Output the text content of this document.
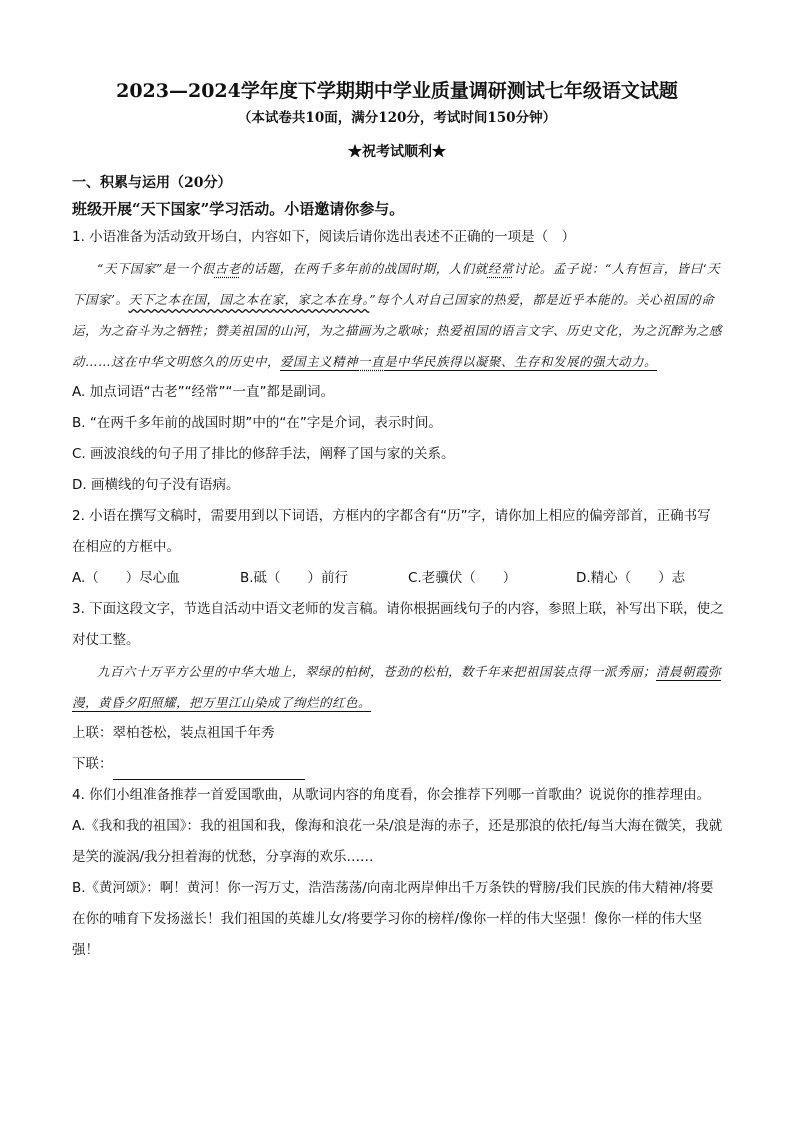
2023—2024学年度下学期期中学业质量调研测试七年级语文试题
（本试卷共10面，满分120分，考试时间150分钟）
★祝考试顺利★
一、积累与运用（20分）
班级开展“天下国家”学习活动。小语邀请你参与。

1. 小语准备为活动致开场白，内容如下，阅读后请你选出表述不正确的一项是（　）

“天下国家”是一个很古老的话题，在两千多年前的战国时期，人们就经常讨论。孟子说：“人有恒言，皆曰‘天下国家’。天下之本在国，国之本在家，家之本在身。”每个人对自己国家的热爱，都是近乎本能的。关心祖国的命运，为之奋斗为之牺牲；赞美祖国的山河，为之描画为之歌咏；热爱祖国的语言文字、历史文化，为之沉醉为之感动……这在中华文明悠久的历史中，爱国主义精神一直是中华民族得以凝聚、生存和发展的强大动力。

A. 加点词语“古老”“经常”“一直”都是副词。

B. “在两千多年前的战国时期”中的“在”字是介词，表示时间。

C. 画波浪线的句子用了排比的修辞手法，阐释了国与家的关系。

D. 画横线的句子没有语病。

2. 小语在撰写文稿时，需要用到以下词语，方框内的字都含有“历”字，请你加上相应的偏旁部首，正确书写在相应的方框中。

A.（　　）尽心血	B.砥（　　）前行	C.老骥伏（　　）	D.精心（　　）志

3. 下面这段文字，节选自活动中语文老师的发言稿。请你根据画线句子的内容，参照上联，补写出下联，使之对仗工整。

九百六十万平方公里的中华大地上，翠绿的柏树，苍劲的松柏，数千年来把祖国装点得一派秀丽；清晨朝霞弥漫，黄昏夕阳照耀，把万里江山染成了绚烂的红色。

上联：翠柏苍松，装点祖国千年秀

下联：

4. 你们小组准备推荐一首爱国歌曲，从歌词内容的角度看，你会推荐下列哪一首歌曲？说说你的推荐理由。

A.《我和我的祖国》：我的祖国和我，像海和浪花一朵/浪是海的赤子，还是那浪的依托/每当大海在微笑，我就是笑的漩涡/我分担着海的忧愁，分享海的欢乐……

B.《黄河颂》：啊！黄河！你一泻万丈，浩浩荡荡/向南北两岸伸出千万条铁的臂膀/我们民族的伟大精神/将要在你的哺育下发扬滋长！我们祖国的英雄儿女/将要学习你的榜样/像你一样的伟大坚强！像你一样的伟大坚强！
